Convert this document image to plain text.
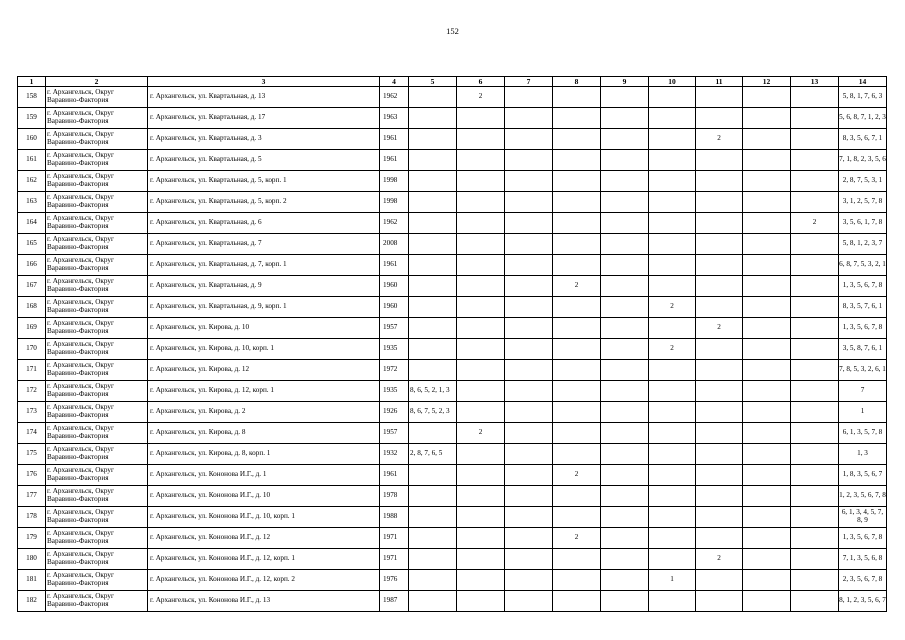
152
1	2	3	4	5	6	7	8	9	10	11	12	13	14
158	г. Архангельск, Округ Варавино-Фактория	г. Архангельск, ул. Квартальная, д. 13	1962		2								5, 8, 1, 7, 6, 3
159	г. Архангельск, Округ Варавино-Фактория	г. Архангельск, ул. Квартальная, д. 17	1963										5, 6, 8, 7, 1, 2, 3
160	г. Архангельск, Округ Варавино-Фактория	г. Архангельск, ул. Квартальная, д. 3	1961							2			8, 3, 5, 6, 7, 1
161	г. Архангельск, Округ Варавино-Фактория	г. Архангельск, ул. Квартальная, д. 5	1961										7, 1, 8, 2, 3, 5, 6
162	г. Архангельск, Округ Варавино-Фактория	г. Архангельск, ул. Квартальная, д. 5, корп. 1	1998										2, 8, 7, 5, 3, 1
163	г. Архангельск, Округ Варавино-Фактория	г. Архангельск, ул. Квартальная, д. 5, корп. 2	1998										3, 1, 2, 5, 7, 8
164	г. Архангельск, Округ Варавино-Фактория	г. Архангельск, ул. Квартальная, д. 6	1962									2	3, 5, 6, 1, 7, 8
165	г. Архангельск, Округ Варавино-Фактория	г. Архангельск, ул. Квартальная, д. 7	2008										5, 8, 1, 2, 3, 7
166	г. Архангельск, Округ Варавино-Фактория	г. Архангельск, ул. Квартальная, д. 7, корп. 1	1961										6, 8, 7, 5, 3, 2, 1
167	г. Архангельск, Округ Варавино-Фактория	г. Архангельск, ул. Квартальная, д. 9	1960				2						1, 3, 5, 6, 7, 8
168	г. Архангельск, Округ Варавино-Фактория	г. Архангельск, ул. Квартальная, д. 9, корп. 1	1960						2				8, 3, 5, 7, 6, 1
169	г. Архангельск, Округ Варавино-Фактория	г. Архангельск, ул. Кирова, д. 10	1957							2			1, 3, 5, 6, 7, 8
170	г. Архангельск, Округ Варавино-Фактория	г. Архангельск, ул. Кирова, д. 10, корп. 1	1935						2				3, 5, 8, 7, 6, 1
171	г. Архангельск, Округ Варавино-Фактория	г. Архангельск, ул. Кирова, д. 12	1972										7, 8, 5, 3, 2, 6, 1
172	г. Архангельск, Округ Варавино-Фактория	г. Архангельск, ул. Кирова, д. 12, корп. 1	1935	8, 6, 5, 2, 1, 3									7
173	г. Архангельск, Округ Варавино-Фактория	г. Архангельск, ул. Кирова, д. 2	1926	8, 6, 7, 5, 2, 3									1
174	г. Архангельск, Округ Варавино-Фактория	г. Архангельск, ул. Кирова, д. 8	1957		2								6, 1, 3, 5, 7, 8
175	г. Архангельск, Округ Варавино-Фактория	г. Архангельск, ул. Кирова, д. 8, корп. 1	1932	2, 8, 7, 6, 5									1, 3
176	г. Архангельск, Округ Варавино-Фактория	г. Архангельск, ул. Кононова И.Г., д. 1	1961				2						1, 8, 3, 5, 6, 7
177	г. Архангельск, Округ Варавино-Фактория	г. Архангельск, ул. Кононова И.Г., д. 10	1978										1, 2, 3, 5, 6, 7, 8
178	г. Архангельск, Округ Варавино-Фактория	г. Архангельск, ул. Кононова И.Г., д. 10, корп. 1	1988										6, 1, 3, 4, 5, 7, 8, 9
179	г. Архангельск, Округ Варавино-Фактория	г. Архангельск, ул. Кононова И.Г., д. 12	1971				2						1, 3, 5, 6, 7, 8
180	г. Архангельск, Округ Варавино-Фактория	г. Архангельск, ул. Кононова И.Г., д. 12, корп. 1	1971							2			7, 1, 3, 5, 6, 8
181	г. Архангельск, Округ Варавино-Фактория	г. Архангельск, ул. Кононова И.Г., д. 12, корп. 2	1976						1				2, 3, 5, 6, 7, 8
182	г. Архангельск, Округ Варавино-Фактория	г. Архангельск, ул. Кононова И.Г., д. 13	1987										8, 1, 2, 3, 5, 6, 7
